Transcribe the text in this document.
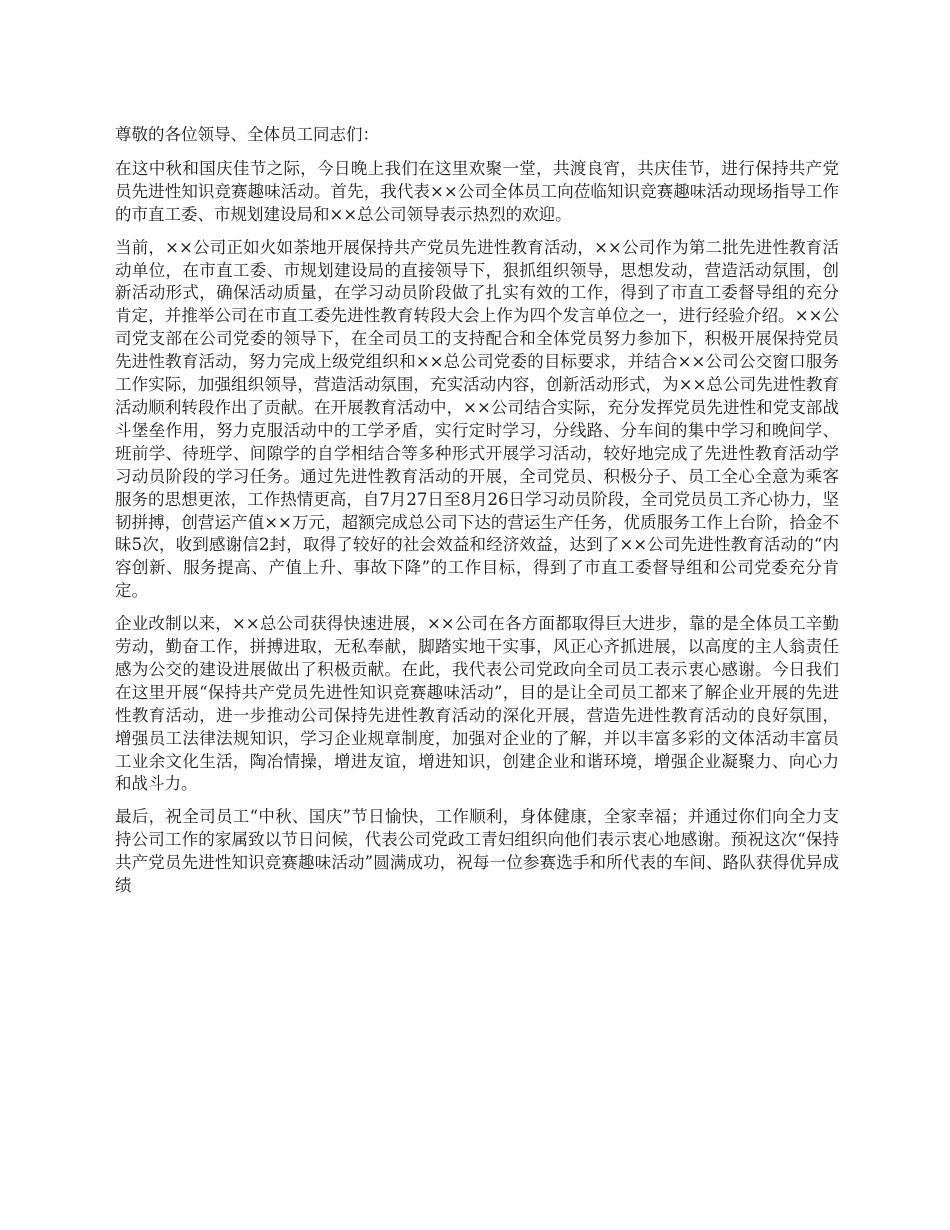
尊敬的各位领导、全体员工同志们：

在这中秋和国庆佳节之际，今日晚上我们在这里欢聚一堂，共渡良宵，共庆佳节，进行保持共产党员先进性知识竞赛趣味活动。首先，我代表××公司全体员工向莅临知识竞赛趣味活动现场指导工作的市直工委、市规划建设局和××总公司领导表示热烈的欢迎。

当前，××公司正如火如荼地开展保持共产党员先进性教育活动，××公司作为第二批先进性教育活动单位，在市直工委、市规划建设局的直接领导下，狠抓组织领导，思想发动，营造活动氛围，创新活动形式，确保活动质量，在学习动员阶段做了扎实有效的工作，得到了市直工委督导组的充分肯定，并推举公司在市直工委先进性教育转段大会上作为四个发言单位之一，进行经验介绍。××公司党支部在公司党委的领导下，在全司员工的支持配合和全体党员努力参加下，积极开展保持党员先进性教育活动，努力完成上级党组织和××总公司党委的目标要求，并结合××公司公交窗口服务工作实际，加强组织领导，营造活动氛围，充实活动内容，创新活动形式，为××总公司先进性教育活动顺利转段作出了贡献。在开展教育活动中，××公司结合实际，充分发挥党员先进性和党支部战斗堡垒作用，努力克服活动中的工学矛盾，实行定时学习，分线路、分车间的集中学习和晚间学、班前学、待班学、间隙学的自学相结合等多种形式开展学习活动，较好地完成了先进性教育活动学习动员阶段的学习任务。通过先进性教育活动的开展，全司党员、积极分子、员工全心全意为乘客服务的思想更浓，工作热情更高，自7月27日至8月26日学习动员阶段，全司党员员工齐心协力，坚韧拼搏，创营运产值××万元，超额完成总公司下达的营运生产任务，优质服务工作上台阶，拾金不昧5次，收到感谢信2封，取得了较好的社会效益和经济效益，达到了××公司先进性教育活动的“内容创新、服务提高、产值上升、事故下降”的工作目标，得到了市直工委督导组和公司党委充分肯定。

企业改制以来，××总公司获得快速进展，××公司在各方面都取得巨大进步，靠的是全体员工辛勤劳动，勤奋工作，拼搏进取，无私奉献，脚踏实地干实事，风正心齐抓进展，以高度的主人翁责任感为公交的建设进展做出了积极贡献。在此，我代表公司党政向全司员工表示衷心感谢。今日我们在这里开展“保持共产党员先进性知识竞赛趣味活动”，目的是让全司员工都来了解企业开展的先进性教育活动，进一步推动公司保持先进性教育活动的深化开展，营造先进性教育活动的良好氛围，增强员工法律法规知识，学习企业规章制度，加强对企业的了解，并以丰富多彩的文体活动丰富员工业余文化生活，陶冶情操，增进友谊，增进知识，创建企业和谐环境，增强企业凝聚力、向心力和战斗力。

最后，祝全司员工“中秋、国庆”节日愉快，工作顺利，身体健康，全家幸福；并通过你们向全力支持公司工作的家属致以节日问候，代表公司党政工青妇组织向他们表示衷心地感谢。预祝这次“保持共产党员先进性知识竞赛趣味活动”圆满成功，祝每一位参赛选手和所代表的车间、路队获得优异成绩
